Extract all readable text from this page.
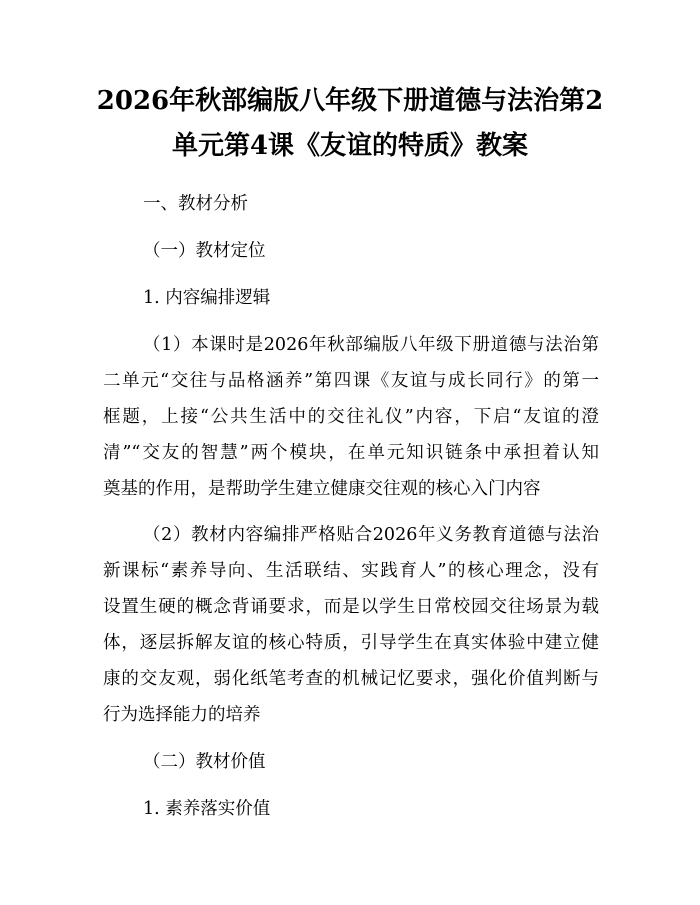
2026年秋部编版八年级下册道德与法治第2
单元第4课《友谊的特质》教案
一、教材分析
（一）教材定位
1. 内容编排逻辑
（1）本课时是2026年秋部编版八年级下册道德与法治第
二单元“交往与品格涵养”第四课《友谊与成长同行》的第一
框题，上接“公共生活中的交往礼仪”内容，下启“友谊的澄
清”“交友的智慧”两个模块，在单元知识链条中承担着认知
奠基的作用，是帮助学生建立健康交往观的核心入门内容
（2）教材内容编排严格贴合2026年义务教育道德与法治
新课标“素养导向、生活联结、实践育人”的核心理念，没有
设置生硬的概念背诵要求，而是以学生日常校园交往场景为载
体，逐层拆解友谊的核心特质，引导学生在真实体验中建立健
康的交友观，弱化纸笔考查的机械记忆要求，强化价值判断与
行为选择能力的培养
（二）教材价值
1. 素养落实价值
